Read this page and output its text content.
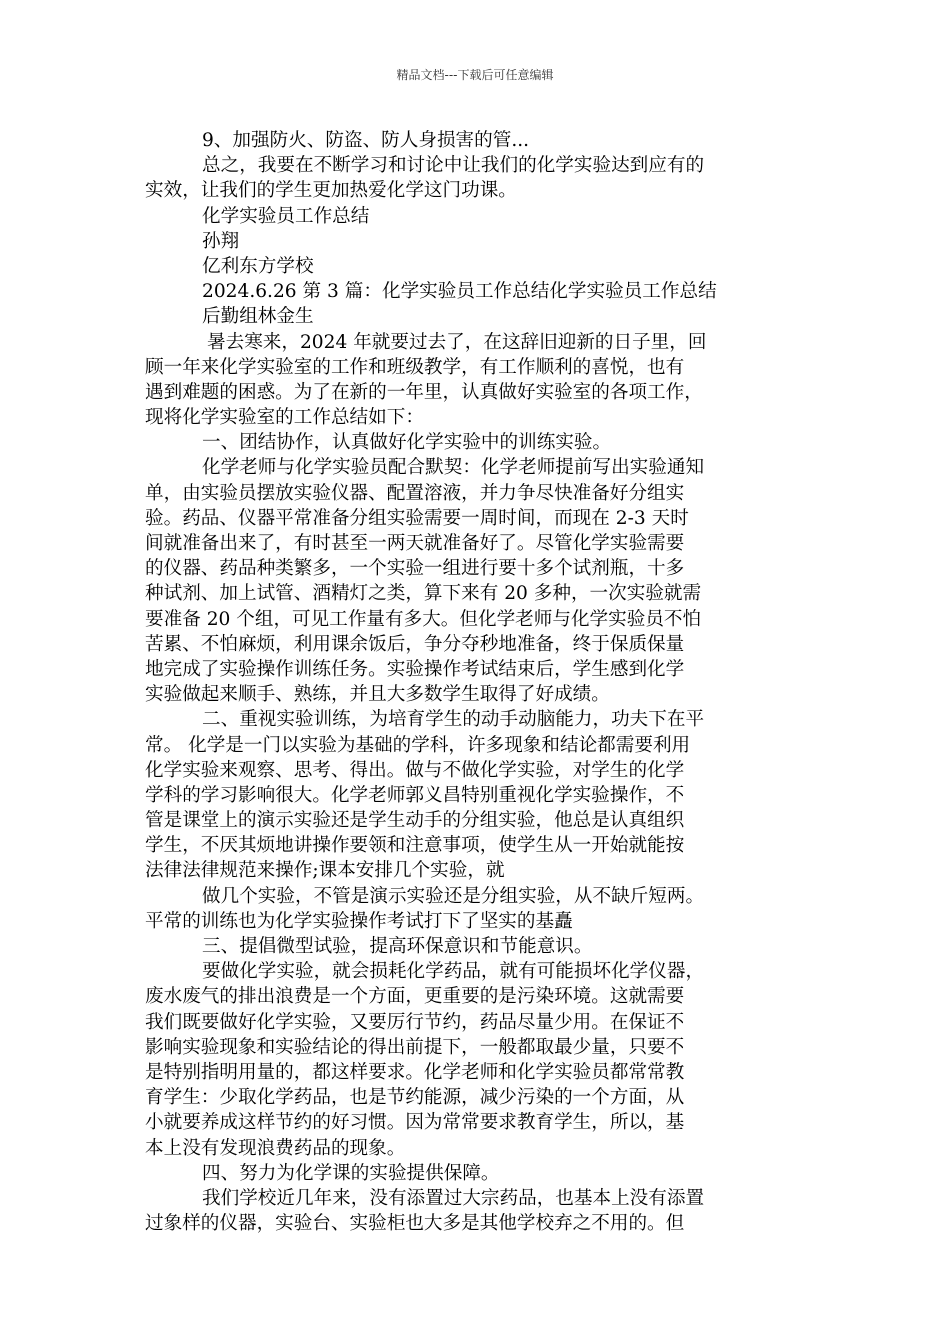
精品文档---下载后可任意编辑
9、加强防火、防盗、防人身损害的管...
总之，我要在不断学习和讨论中让我们的化学实验达到应有的
实效，让我们的学生更加热爱化学这门功课。
化学实验员工作总结
孙翔
亿利东方学校
2024.6.26 第 3 篇：化学实验员工作总结化学实验员工作总结
后勤组林金生
暑去寒来，2024 年就要过去了，在这辞旧迎新的日子里，回
顾一年来化学实验室的工作和班级教学，有工作顺利的喜悦，也有
遇到难题的困惑。为了在新的一年里，认真做好实验室的各项工作，
现将化学实验室的工作总结如下：
一、团结协作，认真做好化学实验中的训练实验。
化学老师与化学实验员配合默契：化学老师提前写出实验通知
单，由实验员摆放实验仪器、配置溶液，并力争尽快准备好分组实
验。药品、仪器平常准备分组实验需要一周时间，而现在 2-3 天时
间就准备出来了，有时甚至一两天就准备好了。尽管化学实验需要
的仪器、药品种类繁多，一个实验一组进行要十多个试剂瓶，十多
种试剂、加上试管、酒精灯之类，算下来有 20 多种，一次实验就需
要准备 20 个组，可见工作量有多大。但化学老师与化学实验员不怕
苦累、不怕麻烦，利用课余饭后，争分夺秒地准备，终于保质保量
地完成了实验操作训练任务。实验操作考试结束后，学生感到化学
实验做起来顺手、熟练，并且大多数学生取得了好成绩。
二、重视实验训练，为培育学生的动手动脑能力，功夫下在平
常。 化学是一门以实验为基础的学科，许多现象和结论都需要利用
化学实验来观察、思考、得出。做与不做化学实验，对学生的化学
学科的学习影响很大。化学老师郭义昌特别重视化学实验操作，不
管是课堂上的演示实验还是学生动手的分组实验，他总是认真组织
学生，不厌其烦地讲操作要领和注意事项，使学生从一开始就能按
法律法律规范来操作;课本安排几个实验，就
做几个实验，不管是演示实验还是分组实验，从不缺斤短两。
平常的训练也为化学实验操作考试打下了坚实的基矗
三、提倡微型试验，提高环保意识和节能意识。
要做化学实验，就会损耗化学药品，就有可能损坏化学仪器，
废水废气的排出浪费是一个方面，更重要的是污染环境。这就需要
我们既要做好化学实验，又要厉行节约，药品尽量少用。在保证不
影响实验现象和实验结论的得出前提下，一般都取最少量，只要不
是特别指明用量的，都这样要求。化学老师和化学实验员都常常教
育学生：少取化学药品，也是节约能源，减少污染的一个方面，从
小就要养成这样节约的好习惯。因为常常要求教育学生，所以，基
本上没有发现浪费药品的现象。
四、努力为化学课的实验提供保障。
我们学校近几年来，没有添置过大宗药品，也基本上没有添置
过象样的仪器，实验台、实验柜也大多是其他学校弃之不用的。但
